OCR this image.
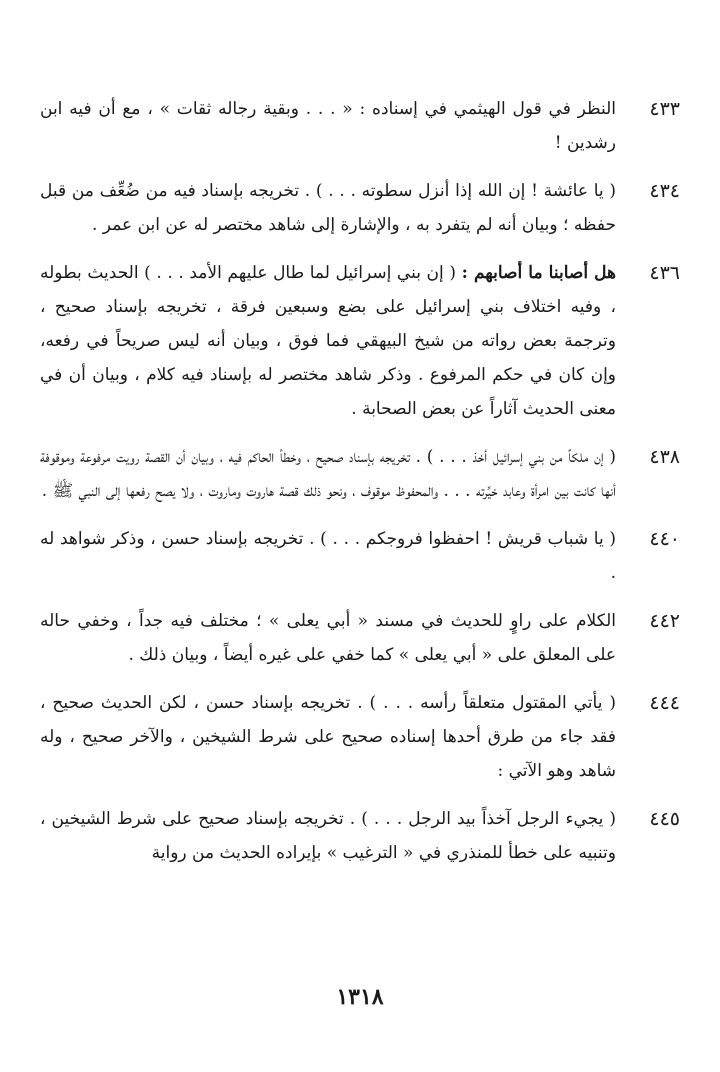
٤٣٣
النظر في قول الهيثمي في إسناده : « . . . وبقية رجاله ثقات » ، مع أن فيه ابن رشدين !
٤٣٤
( يا عائشة ! إن الله إذا أنزل سطوته . . . ) . تخريجه بإسناد فيه من ضُعِّف من قبل حفظه ؛ وبيان أنه لم يتفرد به ، والإشارة إلى شاهد مختصر له عن ابن عمر .
٤٣٦
هل أصابنا ما أصابهم : ( إن بني إسرائيل لما طال عليهم الأمد . . . ) الحديث بطوله ، وفيه اختلاف بني إسرائيل على بضع وسبعين فرقة ، تخريجه بإسناد صحيح ، وترجمة بعض رواته من شيخ البيهقي فما فوق ، وبيان أنه ليس صريحاً في رفعه، وإن كان في حكم المرفوع . وذكر شاهد مختصر له بإسناد فيه كلام ، وبيان أن في معنى الحديث آثاراً عن بعض الصحابة .
٤٣٨
( إن ملكاً من بني إسرائيل أخذ . . . ) . تخريجه بإسناد صحيح ، وخطأ الحاكم فيه ، وبيان أن القصة رويت مرفوعة وموقوفة أنها كانت بين امرأة وعابد خيِّرته . . . والمحفوظ موقوف ، ونحو ذلك قصة هاروت وماروت ، ولا يصح رفعها إلى النبي ﷺ .
٤٤٠
( يا شباب قريش ! احفظوا فروجكم . . . ) . تخريجه بإسناد حسن ، وذكر شواهد له .
٤٤٢
الكلام على راوٍ للحديث في مسند « أبي يعلى » ؛ مختلف فيه جداً ، وخفي حاله على المعلق على « أبي يعلى » كما خفي على غيره أيضاً ، وبيان ذلك .
٤٤٤
( يأتي المقتول متعلقاً رأسه . . . ) . تخريجه بإسناد حسن ، لكن الحديث صحيح ، فقد جاء من طرق أحدها إسناده صحيح على شرط الشيخين ، والآخر صحيح ، وله شاهد وهو الآتي :
٤٤٥
( يجيء الرجل آخذاً بيد الرجل . . . ) . تخريجه بإسناد صحيح على شرط الشيخين ، وتنبيه على خطأ للمنذري في « الترغيب » بإيراده الحديث من رواية
١٣١٨
